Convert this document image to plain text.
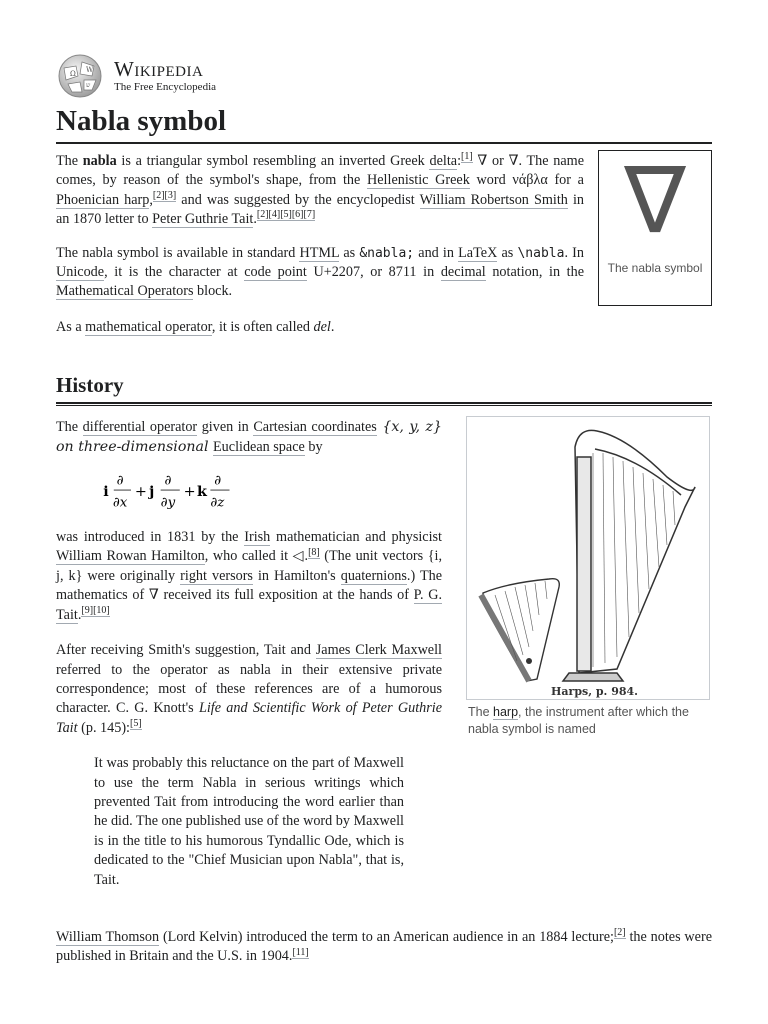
Ω W
ש
Wikipedia
The Free Encyclopedia
Nabla symbol

The nabla is a triangular symbol resembling an inverted Greek delta:[1] ∇ or ∇. The name comes, by reason of the symbol's shape, from the Hellenistic Greek word νάβλα for a Phoenician harp,[2][3] and was suggested by the encyclopedist William Robertson Smith in an 1870 letter to Peter Guthrie Tait.[2][4][5][6][7]

The nabla symbol is available in standard HTML as &nabla; and in LaTeX as \nabla. In Unicode, it is the character at code point U+2207, or 8711 in decimal notation, in the Mathematical Operators block.

As a mathematical operator, it is often called del.

∇
The nabla symbol
History

The differential operator given in Cartesian coordinates {x, y, z} on three-dimensional Euclidean space by

i
∂
∂x
+ j
∂
∂y
+ k
∂
∂z

was introduced in 1831 by the Irish mathematician and physicist William Rowan Hamilton, who called it ◁.[8] (The unit vectors {i, j, k} were originally right versors in Hamilton's quaternions.) The mathematics of ∇ received its full exposition at the hands of P. G. Tait.[9][10]

After receiving Smith's suggestion, Tait and James Clerk Maxwell referred to the operator as nabla in their extensive private correspondence; most of these references are of a humorous character. C. G. Knott's Life and Scientific Work of Peter Guthrie Tait (p. 145):[5]

It was probably this reluctance on the part of Maxwell to use the term Nabla in serious writings which prevented Tait from introducing the word earlier than he did. The one published use of the word by Maxwell is in the title to his humorous Tyndallic Ode, which is dedicated to the "Chief Musician upon Nabla", that is, Tait.

William Thomson (Lord Kelvin) introduced the term to an American audience in an 1884 lecture;[2] the notes were published in Britain and the U.S. in 1904.[11]

Harps, p. 984.
The harp, the instrument after which the nabla symbol is named
